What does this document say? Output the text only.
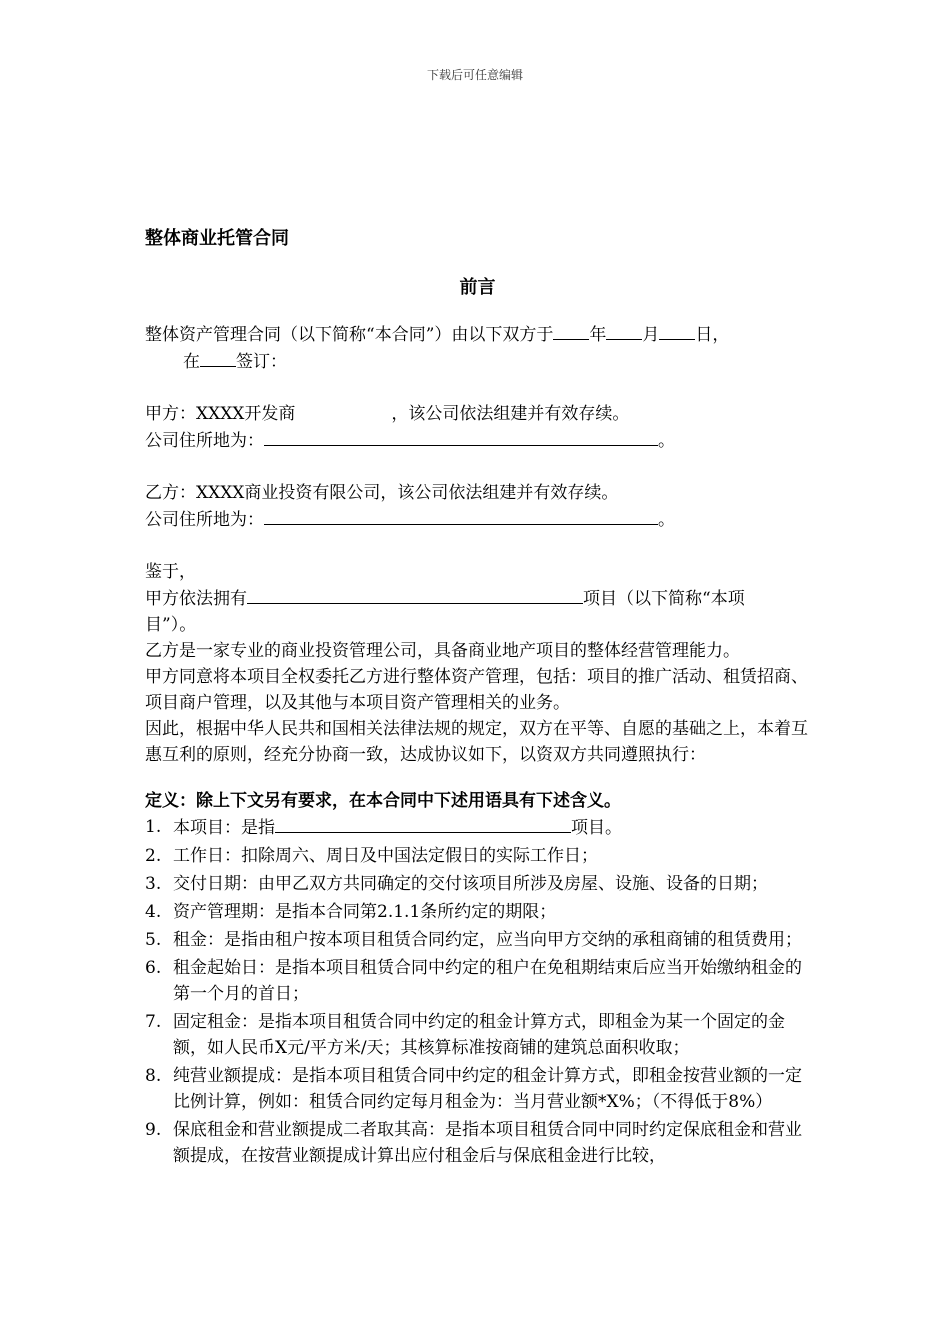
下载后可任意编辑

整体商业托管合同

前言

整体资产管理合同（以下简称“本合同”）由以下双方于 年 月 日，

在 签订：

甲方：XXXX开发商	，该公司依法组建并有效存续。

公司住所地为：	。

乙方：XXXX商业投资有限公司，该公司依法组建并有效存续。

公司住所地为：	。

鉴于，

甲方依法拥有	项目（以下简称“本项

目”）。

乙方是一家专业的商业投资管理公司，具备商业地产项目的整体经营管理能力。

甲方同意将本项目全权委托乙方进行整体资产管理，包括：项目的推广活动、租赁招商、项目商户管理，以及其他与本项目资产管理相关的业务。

因此，根据中华人民共和国相关法律法规的规定，双方在平等、自愿的基础之上，本着互惠互利的原则，经充分协商一致，达成协议如下，以资双方共同遵照执行：

定义：除上下文另有要求，在本合同中下述用语具有下述含义。

1. 本项目：是指	项目。
2. 工作日：扣除周六、周日及中国法定假日的实际工作日；
3. 交付日期：由甲乙双方共同确定的交付该项目所涉及房屋、设施、设备的日期；
4. 资产管理期：是指本合同第2.1.1条所约定的期限；
5. 租金：是指由租户按本项目租赁合同约定，应当向甲方交纳的承租商铺的租赁费用；
6. 租金起始日：是指本项目租赁合同中约定的租户在免租期结束后应当开始缴纳租金的第一个月的首日；
7. 固定租金：是指本项目租赁合同中约定的租金计算方式，即租金为某一个固定的金额，如人民币X元/平方米/天；其核算标准按商铺的建筑总面积收取；
8. 纯营业额提成：是指本项目租赁合同中约定的租金计算方式，即租金按营业额的一定比例计算，例如：租赁合同约定每月租金为：当月营业额*X%；（不得低于8%）
9. 保底租金和营业额提成二者取其高：是指本项目租赁合同中同时约定保底租金和营业额提成，在按营业额提成计算出应付租金后与保底租金进行比较，
